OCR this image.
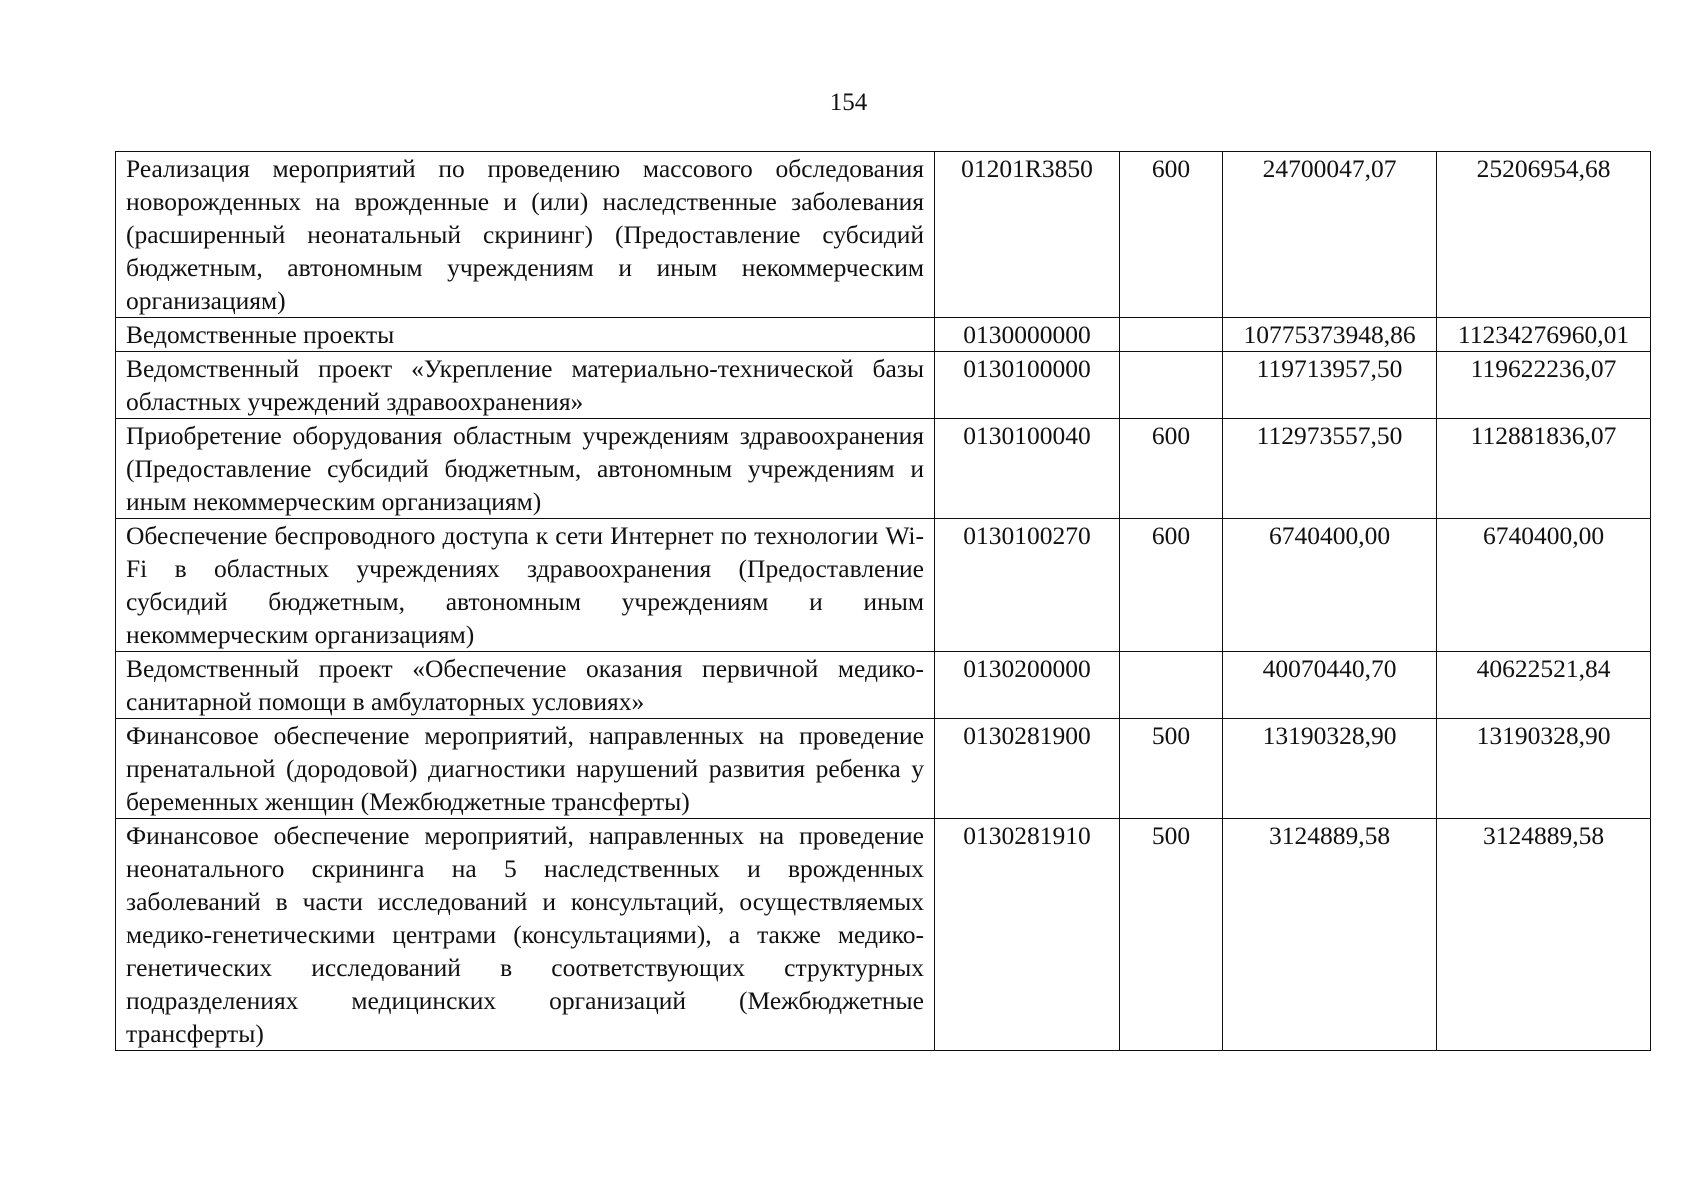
154
Реализация мероприятий по проведению массового обследования новорожденных на врожденные и (или) наследственные заболевания (расширенный неонатальный скрининг) (Предоставление субсидий бюджетным, автономным учреждениям и иным некоммерческим организациям)	01201R3850	600	24700047,07	25206954,68
Ведомственные проекты	0130000000		10775373948,86	11234276960,01
Ведомственный проект «Укрепление материально-технической базы областных учреждений здравоохранения»	0130100000		119713957,50	119622236,07
Приобретение оборудования областным учреждениям здравоохранения (Предоставление субсидий бюджетным, автономным учреждениям и иным некоммерческим организациям)	0130100040	600	112973557,50	112881836,07
Обеспечение беспроводного доступа к сети Интернет по технологии Wi-Fi в областных учреждениях здравоохранения (Предоставление субсидий бюджетным, автономным учреждениям и иным некоммерческим организациям)	0130100270	600	6740400,00	6740400,00
Ведомственный проект «Обеспечение оказания первичной медико-санитарной помощи в амбулаторных условиях»	0130200000		40070440,70	40622521,84
Финансовое обеспечение мероприятий, направленных на проведение пренатальной (дородовой) диагностики нарушений развития ребенка у беременных женщин (Межбюджетные трансферты)	0130281900	500	13190328,90	13190328,90
Финансовое обеспечение мероприятий, направленных на проведение неонатального скрининга на 5 наследственных и врожденных заболеваний в части исследований и консультаций, осуществляемых медико-генетическими центрами (консультациями), а также медико-генетических исследований в соответствующих структурных подразделениях медицинских организаций (Межбюджетные трансферты)	0130281910	500	3124889,58	3124889,58
